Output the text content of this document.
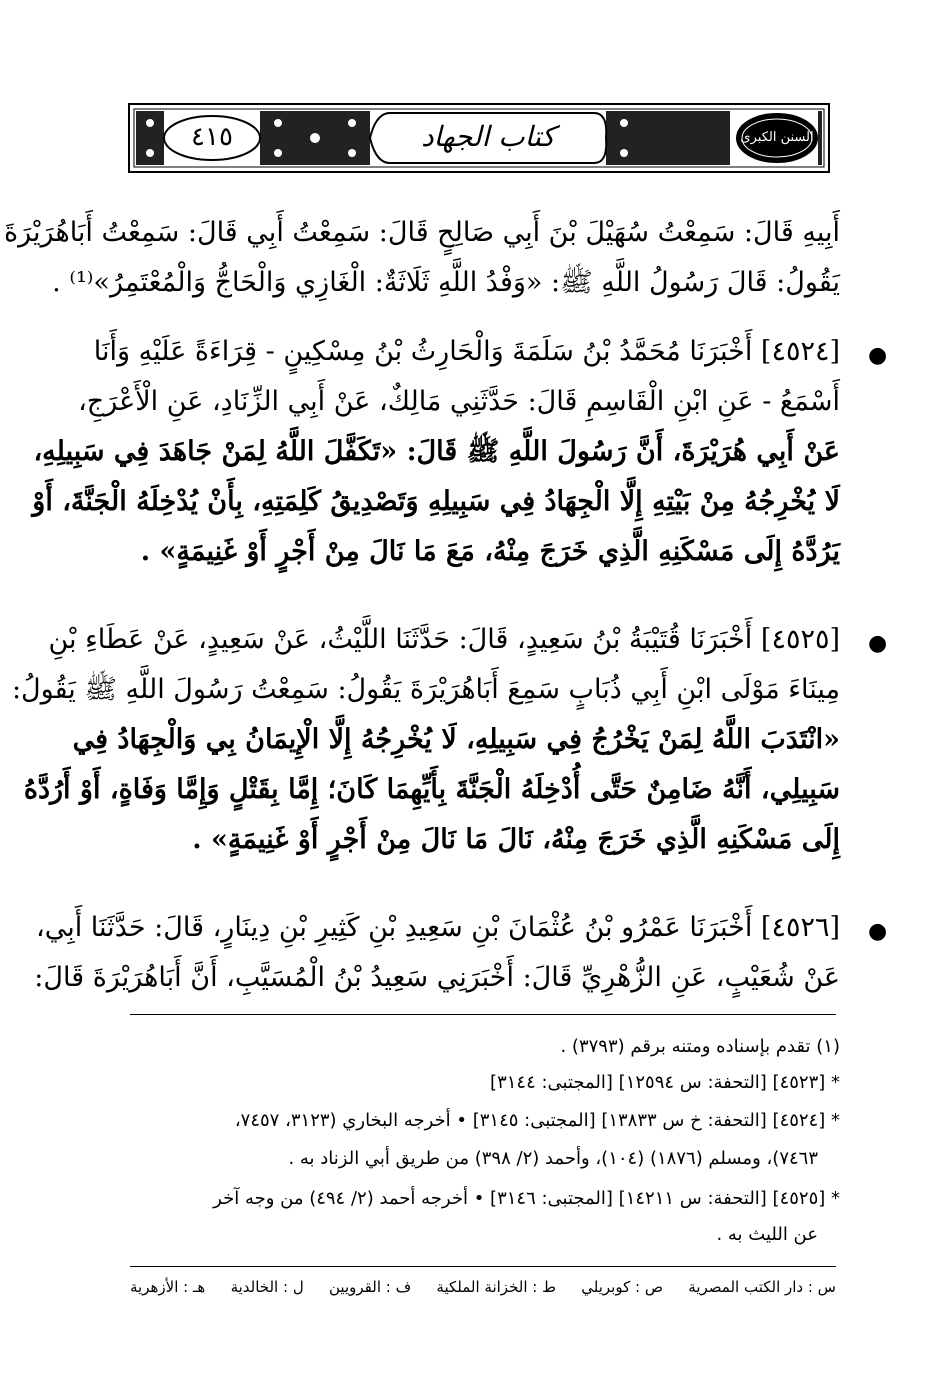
٤١٥	كتاب الجهاد	السنن الكبرى
أَبِيهِ قَالَ: سَمِعْتُ سُهَيْلَ بْنَ أَبِي صَالِحٍ قَالَ: سَمِعْتُ أَبِي قَالَ: سَمِعْتُ أَبَاهُرَيْرَةَ
يَقُولُ: قَالَ رَسُولُ اللَّهِ ﷺ: «وَفْدُ اللَّهِ ثَلَاثَةٌ: الْغَازِي وَالْحَاجُّ وَالْمُعْتَمِرُ»⁽¹⁾ .
●
[٤٥٢٤] أَخْبَرَنَا مُحَمَّدُ بْنُ سَلَمَةَ وَالْحَارِثُ بْنُ مِسْكِينٍ - قِرَاءَةً عَلَيْهِ وَأَنَا
أَسْمَعُ - عَنِ ابْنِ الْقَاسِمِ قَالَ: حَدَّثَنِي مَالِكٌ، عَنْ أَبِي الزِّنَادِ، عَنِ الْأَعْرَجِ،
عَنْ أَبِي هُرَيْرَةَ، أَنَّ رَسُولَ اللَّهِ ﷺ قَالَ: «تَكَفَّلَ اللَّهُ لِمَنْ جَاهَدَ فِي سَبِيلِهِ،
لَا يُخْرِجُهُ مِنْ بَيْتِهِ إِلَّا الْجِهَادُ فِي سَبِيلِهِ وَتَصْدِيقُ كَلِمَتِهِ، بِأَنْ يُدْخِلَهُ الْجَنَّةَ، أَوْ
يَرُدَّهُ إِلَى مَسْكَنِهِ الَّذِي خَرَجَ مِنْهُ، مَعَ مَا نَالَ مِنْ أَجْرٍ أَوْ غَنِيمَةٍ» .
●
[٤٥٢٥] أَخْبَرَنَا قُتَيْبَةُ بْنُ سَعِيدٍ، قَالَ: حَدَّثَنَا اللَّيْثُ، عَنْ سَعِيدٍ، عَنْ عَطَاءِ بْنِ
مِينَاءَ مَوْلَى ابْنِ أَبِي ذُبَابٍ سَمِعَ أَبَاهُرَيْرَةَ يَقُولُ: سَمِعْتُ رَسُولَ اللَّهِ ﷺ يَقُولُ:
«انْتَدَبَ اللَّهُ لِمَنْ يَخْرُجُ فِي سَبِيلِهِ، لَا يُخْرِجُهُ إِلَّا الْإِيمَانُ بِي وَالْجِهَادُ فِي
سَبِيلِي، أَنَّهُ ضَامِنٌ حَتَّى أُدْخِلَهُ الْجَنَّةَ بِأَيِّهِمَا كَانَ؛ إِمَّا بِقَتْلٍ وَإِمَّا وَفَاةٍ، أَوْ أَرُدَّهُ
إِلَى مَسْكَنِهِ الَّذِي خَرَجَ مِنْهُ، نَالَ مَا نَالَ مِنْ أَجْرٍ أَوْ غَنِيمَةٍ» .
●
[٤٥٢٦] أَخْبَرَنَا عَمْرُو بْنُ عُثْمَانَ بْنِ سَعِيدِ بْنِ كَثِيرِ بْنِ دِينَارٍ، قَالَ: حَدَّثَنَا أَبِي،
عَنْ شُعَيْبٍ، عَنِ الزُّهْرِيِّ قَالَ: أَخْبَرَنِي سَعِيدُ بْنُ الْمُسَيَّبِ، أَنَّ أَبَاهُرَيْرَةَ قَالَ:
(١) تقدم بإسناده ومتنه برقم (٣٧٩٣) .
* [٤٥٢٣] [التحفة: س ١٢٥٩٤] [المجتبى: ٣١٤٤]
* [٤٥٢٤] [التحفة: خ س ١٣٨٣٣] [المجتبى: ٣١٤٥] • أخرجه البخاري (٣١٢٣، ٧٤٥٧،
٧٤٦٣)، ومسلم (١٨٧٦) (١٠٤)، وأحمد (٢/ ٣٩٨) من طريق أبي الزناد به .
* [٤٥٢٥] [التحفة: س ١٤٢١١] [المجتبى: ٣١٤٦] • أخرجه أحمد (٢/ ٤٩٤) من وجه آخر
عن الليث به .
س : دار الكتب المصرية
ص : كوبريلي
ط : الخزانة الملكية
ف : القرويين
ل : الخالدية
هـ : الأزهرية
